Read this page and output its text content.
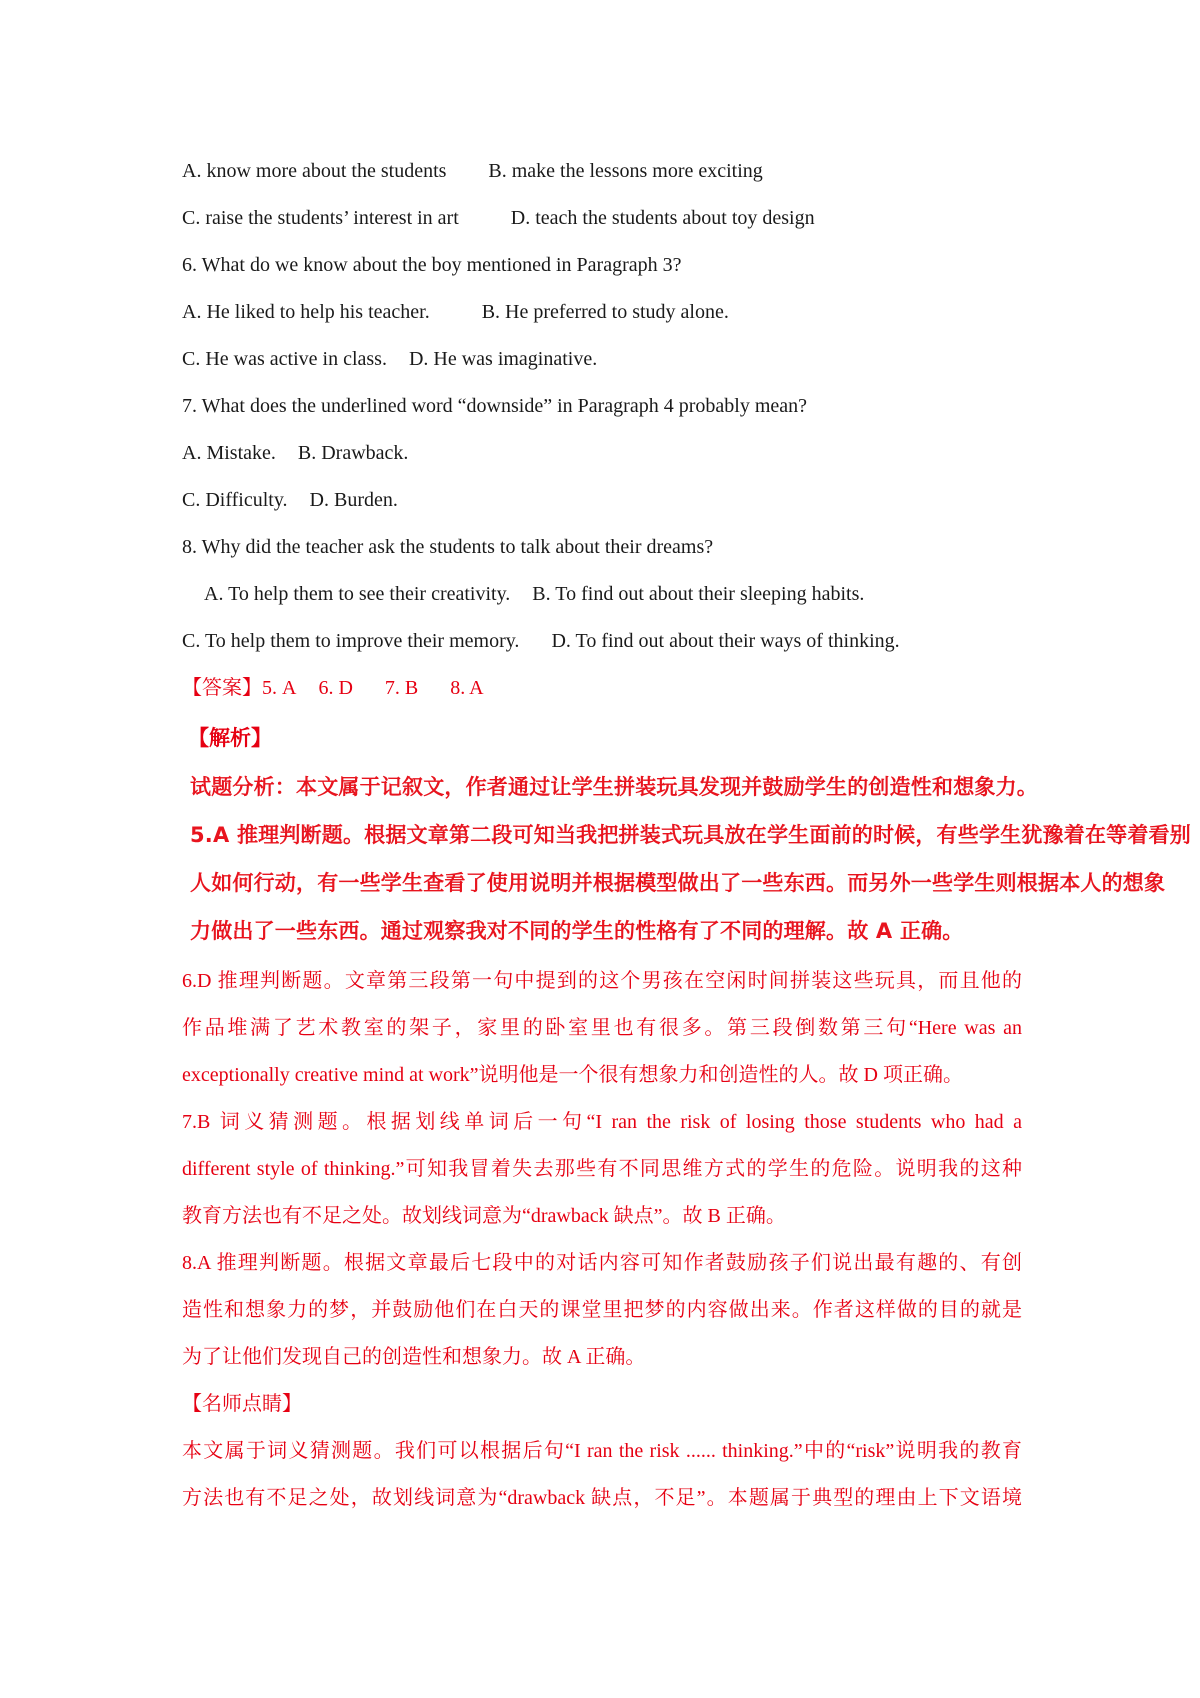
A. know more about the students B. make the lessons more exciting
C. raise the students’ interest in art	D. teach the students about toy design
6. What do we know about the boy mentioned in Paragraph 3?
A. He liked to help his teacher.	B. He preferred to study alone.
C. He was active in class. D. He was imaginative.
7. What does the underlined word “downside” in Paragraph 4 probably mean?
A. Mistake. B. Drawback.
C. Difficulty. D. Burden.
8. Why did the teacher ask the students to talk about their dreams?
A. To help them to see their creativity. B. To find out about their sleeping habits.
C. To help them to improve their memory. D. To find out about their ways of thinking.
【答案】5. A 6. D 7. B 8. A
【解析】
试题分析：本文属于记叙文，作者通过让学生拼装玩具发现并鼓励学生的创造性和想象力。
5.A 推理判断题。根据文章第二段可知当我把拼装式玩具放在学生面前的时候，有些学生犹豫着在等着看别
人如何行动，有一些学生查看了使用说明并根据模型做出了一些东西。而另外一些学生则根据本人的想象
力做出了一些东西。通过观察我对不同的学生的性格有了不同的理解。故 A 正确。
6.D 推理判断题。文章第三段第一句中提到的这个男孩在空闲时间拼装这些玩具，而且他的
作品堆满了艺术教室的架子，家里的卧室里也有很多。第三段倒数第三句“Here was an
exceptionally creative mind at work”说明他是一个很有想象力和创造性的人。故 D 项正确。
7.B 词义猜测题。根据划线单词后一句“I ran the risk of losing those students who had a
different style of thinking.”可知我冒着失去那些有不同思维方式的学生的危险。说明我的这种
教育方法也有不足之处。故划线词意为“drawback 缺点”。故 B 正确。
8.A 推理判断题。根据文章最后七段中的对话内容可知作者鼓励孩子们说出最有趣的、有创
造性和想象力的梦，并鼓励他们在白天的课堂里把梦的内容做出来。作者这样做的目的就是
为了让他们发现自己的创造性和想象力。故 A 正确。
【名师点睛】
本文属于词义猜测题。我们可以根据后句“I ran the risk ...... thinking.”中的“risk”说明我的教育
方法也有不足之处，故划线词意为“drawback 缺点，不足”。本题属于典型的理由上下文语境
